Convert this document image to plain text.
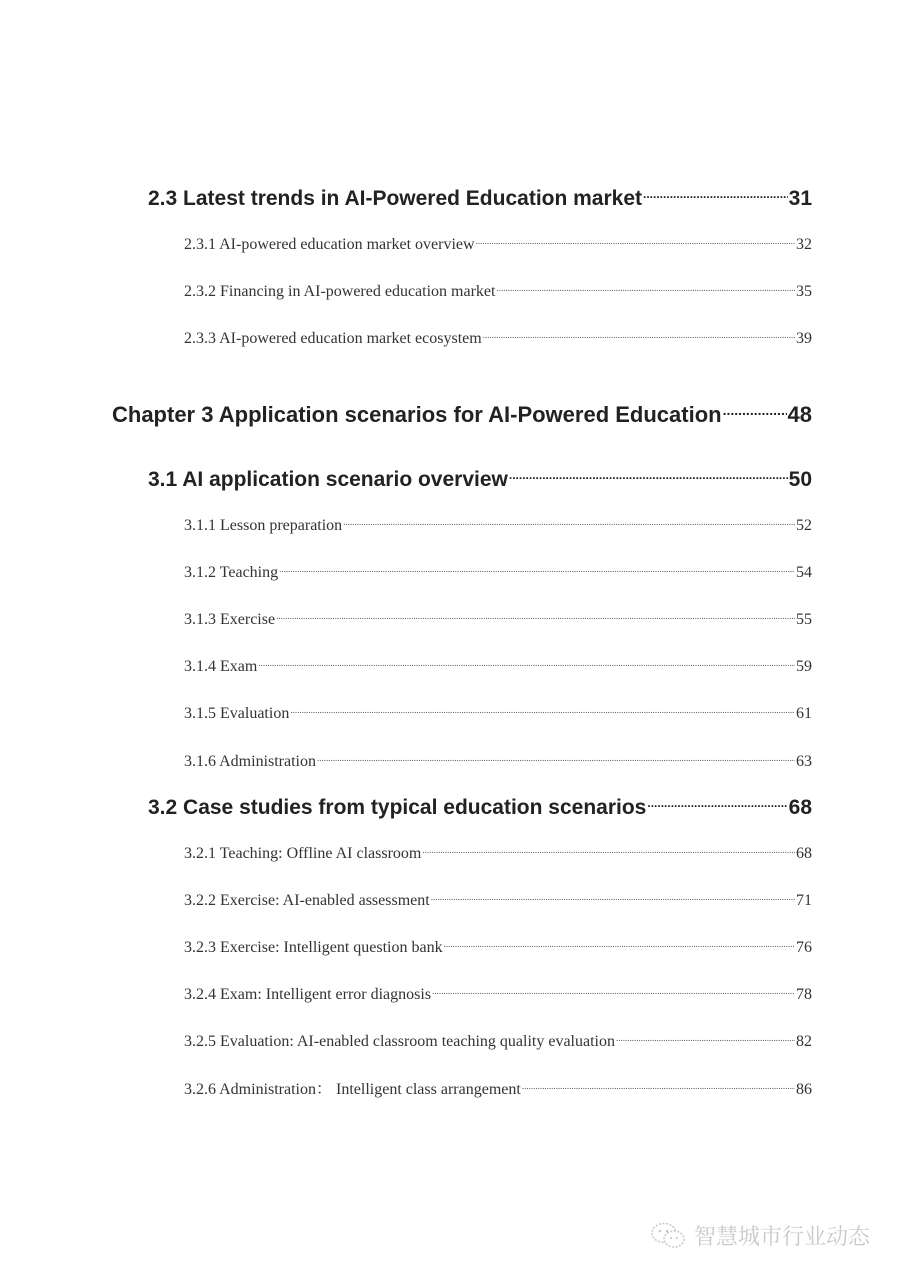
2.3 Latest trends in AI-Powered Education market .....	31
2.3.1 AI-powered education market overview .....	32
2.3.2 Financing in AI-powered education market .....	35
2.3.3 AI-powered education market ecosystem .....	39
Chapter 3 Application scenarios for AI-Powered Education .....	48
3.1 AI application scenario overview .....	50
3.1.1 Lesson preparation .....	52
3.1.2 Teaching .....	54
3.1.3 Exercise .....	55
3.1.4 Exam .....	59
3.1.5 Evaluation .....	61
3.1.6 Administration .....	63
3.2 Case studies from typical education scenarios .....	68
3.2.1 Teaching: Offline AI classroom .....	68
3.2.2 Exercise: AI-enabled assessment .....	71
3.2.3 Exercise: Intelligent question bank .....	76
3.2.4 Exam: Intelligent error diagnosis .....	78
3.2.5 Evaluation: AI-enabled classroom teaching quality evaluation .....	82
3.2.6 Administration： Intelligent class arrangement .....	86
智慧城市行业动态
